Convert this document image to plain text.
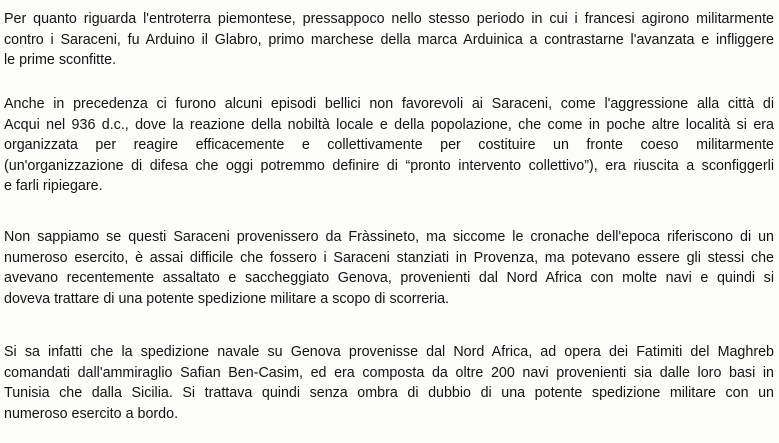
Per quanto riguarda l'entroterra piemontese, pressappoco nello stesso periodo in cui i francesi agirono militarmente
contro i Saraceni, fu Arduino il Glabro, primo marchese della marca Arduinica a contrastarne l'avanzata e infliggere
le prime sconfitte.

Anche in precedenza ci furono alcuni episodi bellici non favorevoli ai Saraceni, come l'aggressione alla città di
Acqui nel 936 d.c., dove la reazione della nobiltà locale e della popolazione, che come in poche altre località si era
organizzata per reagire efficacemente e collettivamente per costituire un fronte coeso militarmente
(un'organizzazione di difesa che oggi potremmo definire di “pronto intervento collettivo”), era riuscita a sconfiggerli
e farli ripiegare.

Non sappiamo se questi Saraceni provenissero da Fràssineto, ma siccome le cronache dell'epoca riferiscono di un
numeroso esercito, è assai difficile che fossero i Saraceni stanziati in Provenza, ma potevano essere gli stessi che
avevano recentemente assaltato e saccheggiato Genova, provenienti dal Nord Africa con molte navi e quindi si
doveva trattare di una potente spedizione militare a scopo di scorreria.

Si sa infatti che la spedizione navale su Genova provenisse dal Nord Africa, ad opera dei Fatimiti del Maghreb
comandati dall'ammiraglio Safian Ben-Casim, ed era composta da oltre 200 navi provenienti sia dalle loro basi in
Tunisia che dalla Sicilia. Si trattava quindi senza ombra di dubbio di una potente spedizione militare con un
numeroso esercito a bordo.
